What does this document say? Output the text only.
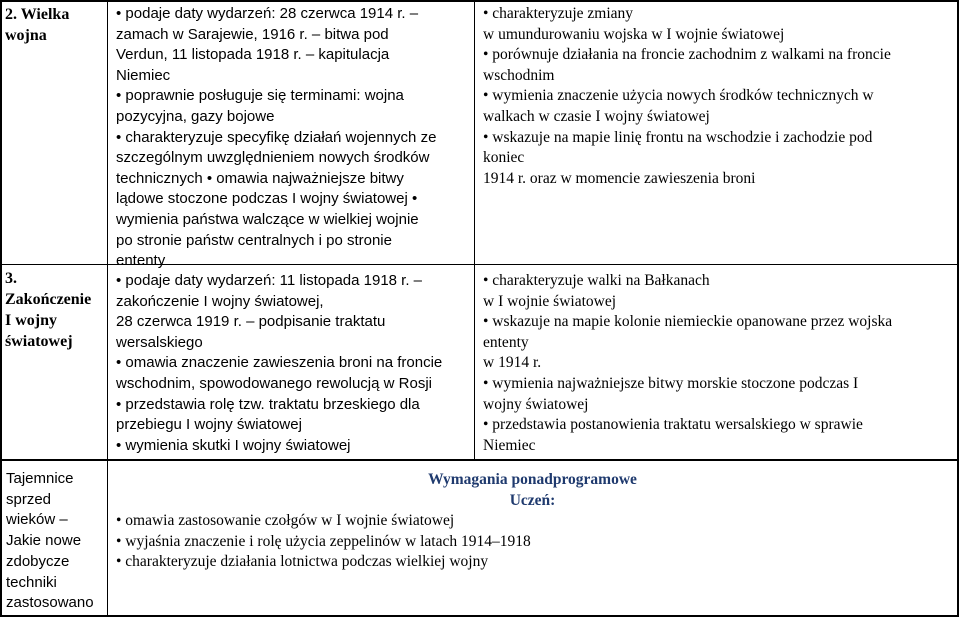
2. Wielka

wojna

• podaje daty wydarzeń: 28 czerwca 1914 r. –

zamach w Sarajewie, 1916 r. – bitwa pod

Verdun, 11 listopada 1918 r. – kapitulacja

Niemiec

• poprawnie posługuje się terminami: wojna

pozycyjna, gazy bojowe

• charakteryzuje specyfikę działań wojennych ze

szczególnym uwzględnieniem nowych środków

technicznych • omawia najważniejsze bitwy

lądowe stoczone podczas I wojny światowej •

wymienia państwa walczące w wielkiej wojnie

po stronie państw centralnych i po stronie

ententy

• charakteryzuje zmiany

w umundurowaniu wojska w I wojnie światowej

• porównuje działania na froncie zachodnim z walkami na froncie

wschodnim

• wymienia znaczenie użycia nowych środków technicznych w

walkach w czasie I wojny światowej

• wskazuje na mapie linię frontu na wschodzie i zachodzie pod

koniec

1914 r. oraz w momencie zawieszenia broni

3.

Zakończenie

I wojny

światowej

• podaje daty wydarzeń: 11 listopada 1918 r. –

zakończenie I wojny światowej,

28 czerwca 1919 r. – podpisanie traktatu

wersalskiego

• omawia znaczenie zawieszenia broni na froncie

wschodnim, spowodowanego rewolucją w Rosji

• przedstawia rolę tzw. traktatu brzeskiego dla

przebiegu I wojny światowej

• wymienia skutki I wojny światowej

• charakteryzuje walki na Bałkanach

w I wojnie światowej

• wskazuje na mapie kolonie niemieckie opanowane przez wojska

ententy

w 1914 r.

• wymienia najważniejsze bitwy morskie stoczone podczas I

wojny światowej

• przedstawia postanowienia traktatu wersalskiego w sprawie

Niemiec

Tajemnice

sprzed

wieków –

Jakie nowe

zdobycze

techniki

zastosowano

Wymagania ponadprogramowe

Uczeń:

• omawia zastosowanie czołgów w I wojnie światowej

• wyjaśnia znaczenie i rolę użycia zeppelinów w latach 1914–1918

• charakteryzuje działania lotnictwa podczas wielkiej wojny
